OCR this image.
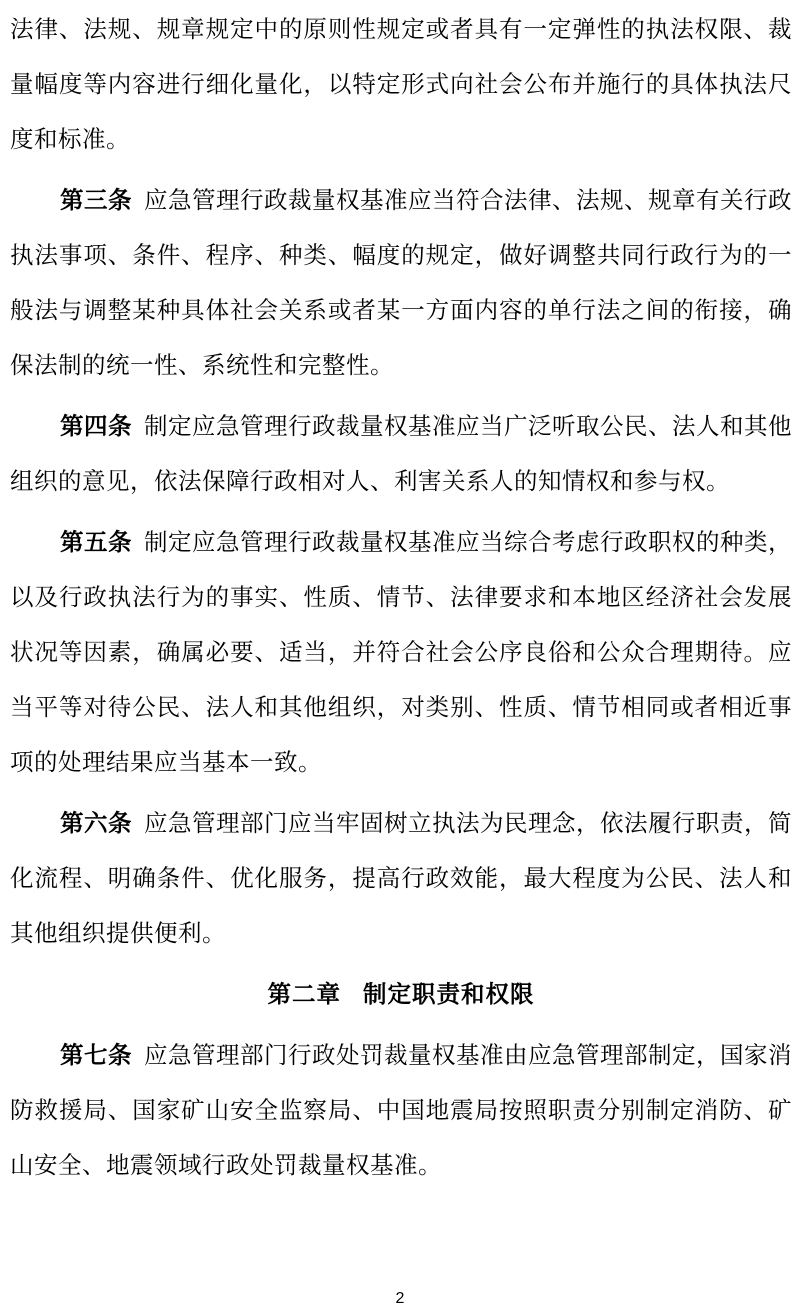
法律、法规、规章规定中的原则性规定或者具有一定弹性的执法权限、裁量幅度等内容进行细化量化，以特定形式向社会公布并施行的具体执法尺度和标准。

第三条 应急管理行政裁量权基准应当符合法律、法规、规章有关行政执法事项、条件、程序、种类、幅度的规定，做好调整共同行政行为的一般法与调整某种具体社会关系或者某一方面内容的单行法之间的衔接，确保法制的统一性、系统性和完整性。

第四条 制定应急管理行政裁量权基准应当广泛听取公民、法人和其他组织的意见，依法保障行政相对人、利害关系人的知情权和参与权。

第五条 制定应急管理行政裁量权基准应当综合考虑行政职权的种类，以及行政执法行为的事实、性质、情节、法律要求和本地区经济社会发展状况等因素，确属必要、适当，并符合社会公序良俗和公众合理期待。应当平等对待公民、法人和其他组织，对类别、性质、情节相同或者相近事项的处理结果应当基本一致。

第六条 应急管理部门应当牢固树立执法为民理念，依法履行职责，简化流程、明确条件、优化服务，提高行政效能，最大程度为公民、法人和其他组织提供便利。

第二章 制定职责和权限

第七条 应急管理部门行政处罚裁量权基准由应急管理部制定，国家消防救援局、国家矿山安全监察局、中国地震局按照职责分别制定消防、矿山安全、地震领域行政处罚裁量权基准。

2
